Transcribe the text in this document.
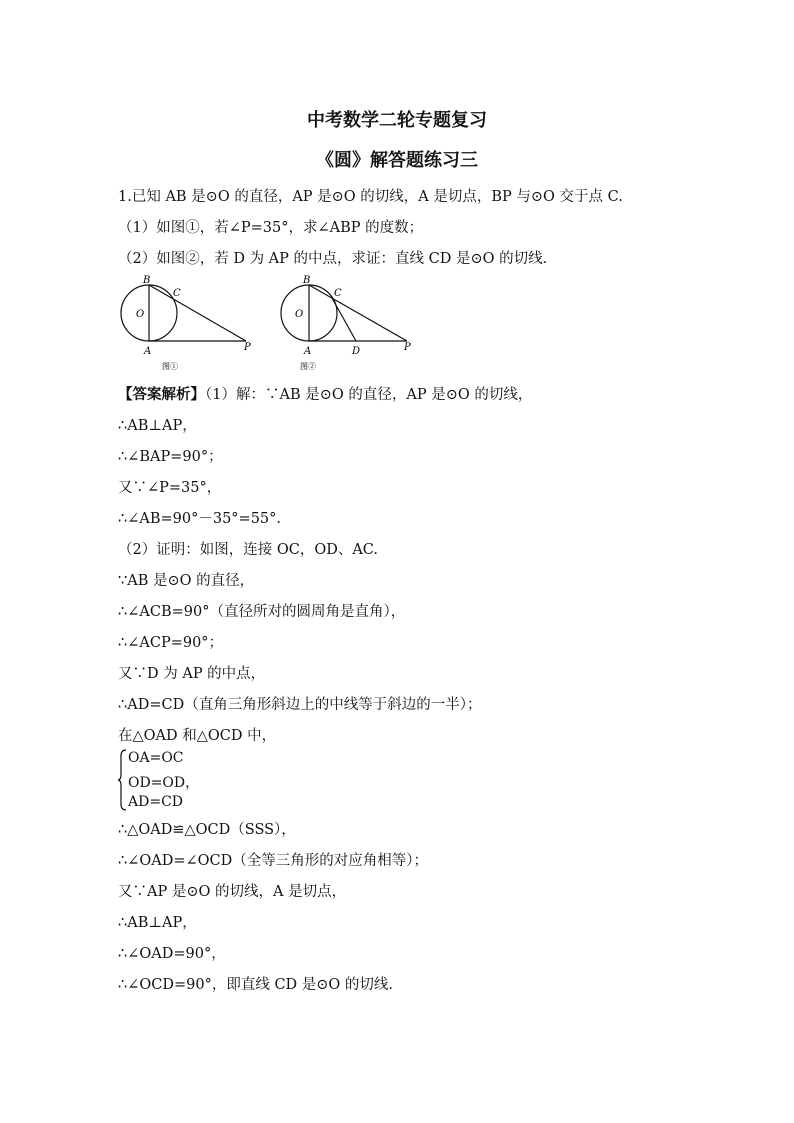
中考数学二轮专题复习
《圆》解答题练习三
1.已知 AB 是⊙O 的直径，AP 是⊙O 的切线，A 是切点，BP 与⊙O 交于点 C.
（1）如图①，若∠P=35°，求∠ABP 的度数；
（2）如图②，若 D 为 AP 的中点，求证：直线 CD 是⊙O 的切线.
B
C
O
A	P
图①
B
C
O
A	D	P
图②
【答案解析】（1）解：∵AB 是⊙O 的直径，AP 是⊙O 的切线，
∴AB⊥AP，
∴∠BAP=90°；
又∵∠P=35°，
∴∠AB=90°－35°=55°.
（2）证明：如图，连接 OC，OD、AC.
∵AB 是⊙O 的直径，
∴∠ACB=90°（直径所对的圆周角是直角），
∴∠ACP=90°；
又∵D 为 AP 的中点，
∴AD=CD（直角三角形斜边上的中线等于斜边的一半）；
在△OAD 和△OCD 中，
OA=OC
OD=OD，
AD=CD
∴△OAD≌△OCD（SSS），
∴∠OAD=∠OCD（全等三角形的对应角相等）；
又∵AP 是⊙O 的切线，A 是切点，
∴AB⊥AP，
∴∠OAD=90°，
∴∠OCD=90°，即直线 CD 是⊙O 的切线.
